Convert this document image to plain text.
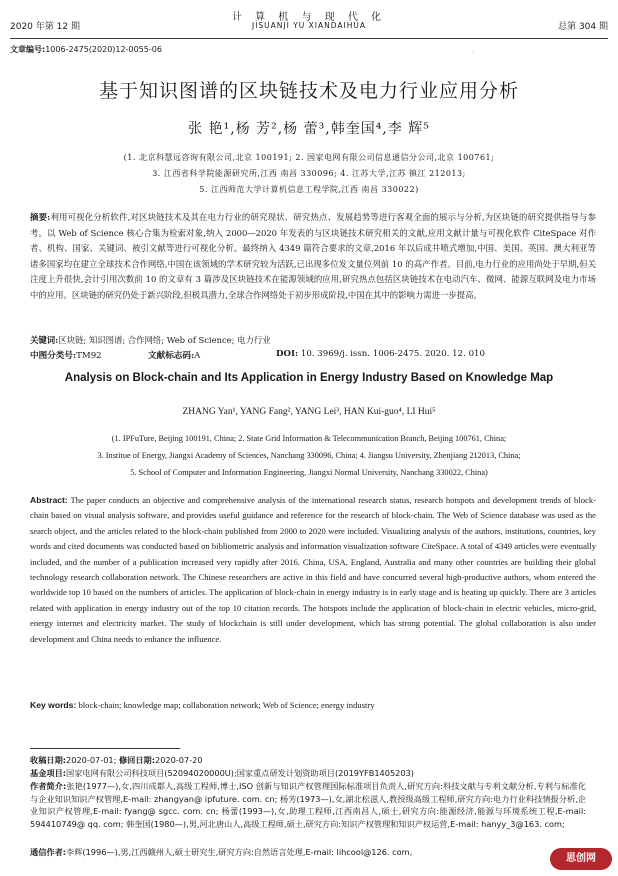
·
2020 年第 12 期
计 算 机 与 现 代 化
JISUANJI YU XIANDAIHUA	总第 304 期
文章编号:1006-2475(2020)12-0055-06
基于知识图谱的区块链技术及电力行业应用分析
张 艳¹,杨 芳²,杨 蕾³,韩奎国⁴,李 辉⁵
(1. 北京科慧远咨询有限公司,北京 100191; 2. 国家电网有限公司信息通信分公司,北京 100761;
3. 江西省科学院能源研究所,江西 南昌 330096; 4. 江苏大学,江苏 镇江 212013;
5. 江西师范大学计算机信息工程学院,江西 南昌 330022)
摘要:利用可视化分析软件,对区块链技术及其在电力行业的研究现状、研究热点、发展趋势等进行客观全面的展示与分析,为区块链的研究提供指导与参考。以 Web of Science 核心合集为检索对象,纳入 2000—2020 年发表的与区块链技术研究相关的文献,应用文献计量与可视化软件 CiteSpace 对作者、机构、国家、关键词、被引文献等进行可视化分析。最终纳入 4349 篇符合要求的文章,2016 年以后成井喷式增加,中国、美国、英国、澳大利亚等诸多国家均在建立全球技术合作网络,中国在该领域的学术研究较为活跃,已出现多位发文量位列前 10 的高产作者。目前,电力行业的应用尚处于早期,但关注度上升很快,会计引用次数前 10 的文章有 3 篇涉及区块链技术在能源领域的应用,研究热点包括区块链技术在电动汽车、微网、能源互联网及电力市场中的应用。区块链的研究仍处于新兴阶段,但极具潜力,全球合作网络处于初步形成阶段,中国在其中的影响力需进一步提高。
关键词:区块链; 知识图谱; 合作网络; Web of Science; 电力行业
中图分类号:TM92	文献标志码:A	DOI: 10. 3969/j. issn. 1006-2475. 2020. 12. 010
Analysis on Block-chain and Its Application in Energy Industry Based on Knowledge Map
ZHANG Yan¹, YANG Fang², YANG Lei³, HAN Kui-guo⁴, LI Hui⁵
(1. IPFuTure, Beijing 100191, China; 2. State Grid Information & Telecommunication Branch, Beijing 100761, China;
3. Institue of Energy, Jiangxi Academy of Sciences, Nanchang 330096, China; 4. Jiangsu University, Zhenjiang 212013, China;
5. School of Computer and Information Engineering, Jiangxi Normal University, Nanchang 330022, China)
Abstract: The paper conducts an objective and comprehensive analysis of the international research status, research hotspots and development trends of block-chain based on visual analysis software, and provides useful guidance and reference for the research of block-chain. The Web of Science database was used as the search object, and the articles related to the block-chain published from 2000 to 2020 were included. Visualizing analysis of the authors, institutions, countries, key words and cited documents was conducted based on bibliometric analysis and information visualization software CiteSpace. A total of 4349 articles were eventually included, and the number of a publication increased very rapidly after 2016. China, USA, England, Australia and many other countries are building their global technology research collaboration network. The Chinese researchers are active in this field and have concurred several high-productive authors, whom entered the worldwide top 10 based on the numbers of articles. The application of block-chain in energy industry is in early stage and is heating up quickly. There are 3 articles related with application in energy industry out of the top 10 citation records. The hotspots include the application of block-chain in electric vehicles, micro-grid, energy internet and electricity market. The study of blockchain is still under development, which has strong potential. The global collaboration is also under development and China needs to enhance the influence.
Key words: block-chain; knowledge map; collaboration network; Web of Science; energy industry
收稿日期:2020-07-01; 修回日期:2020-07-20
基金项目:国家电网有限公司科技项目(52094020000U);国家重点研发计划资助项目(2019YFB1405203)
作者简介:张艳(1977—),女,四川成都人,高级工程师,博士,ISO 创新与知识产权管理国际标准项目负责人,研究方向:科技文献与专利文献分析,专利与标准化与企业知识知识产权管理,E-mail: zhangyan@ ipfuture. com. cn; 杨芳(1973—),女,湖北松滋人,教授级高级工程师,研究方向:电力行业科技情报分析,企业知识产权管理,E-mail: fyang@ sgcc. com. cn; 杨蕾(1993—),女,助理工程师,江西南昌人,硕士,研究方向:能源经济,能源与环境系统工程,E-mail: 594410749@ qq. com; 韩奎国(1980—),男,河北唐山人,高级工程师,硕士,研究方向:知识产权管理和知识产权运营,E-mail: hanyy_3@163. com;
通信作者:李辉(1996—),男,江西赣州人,硕士研究生,研究方向:自然语言处理,E-mail: lihcool@126. com。
思创网
